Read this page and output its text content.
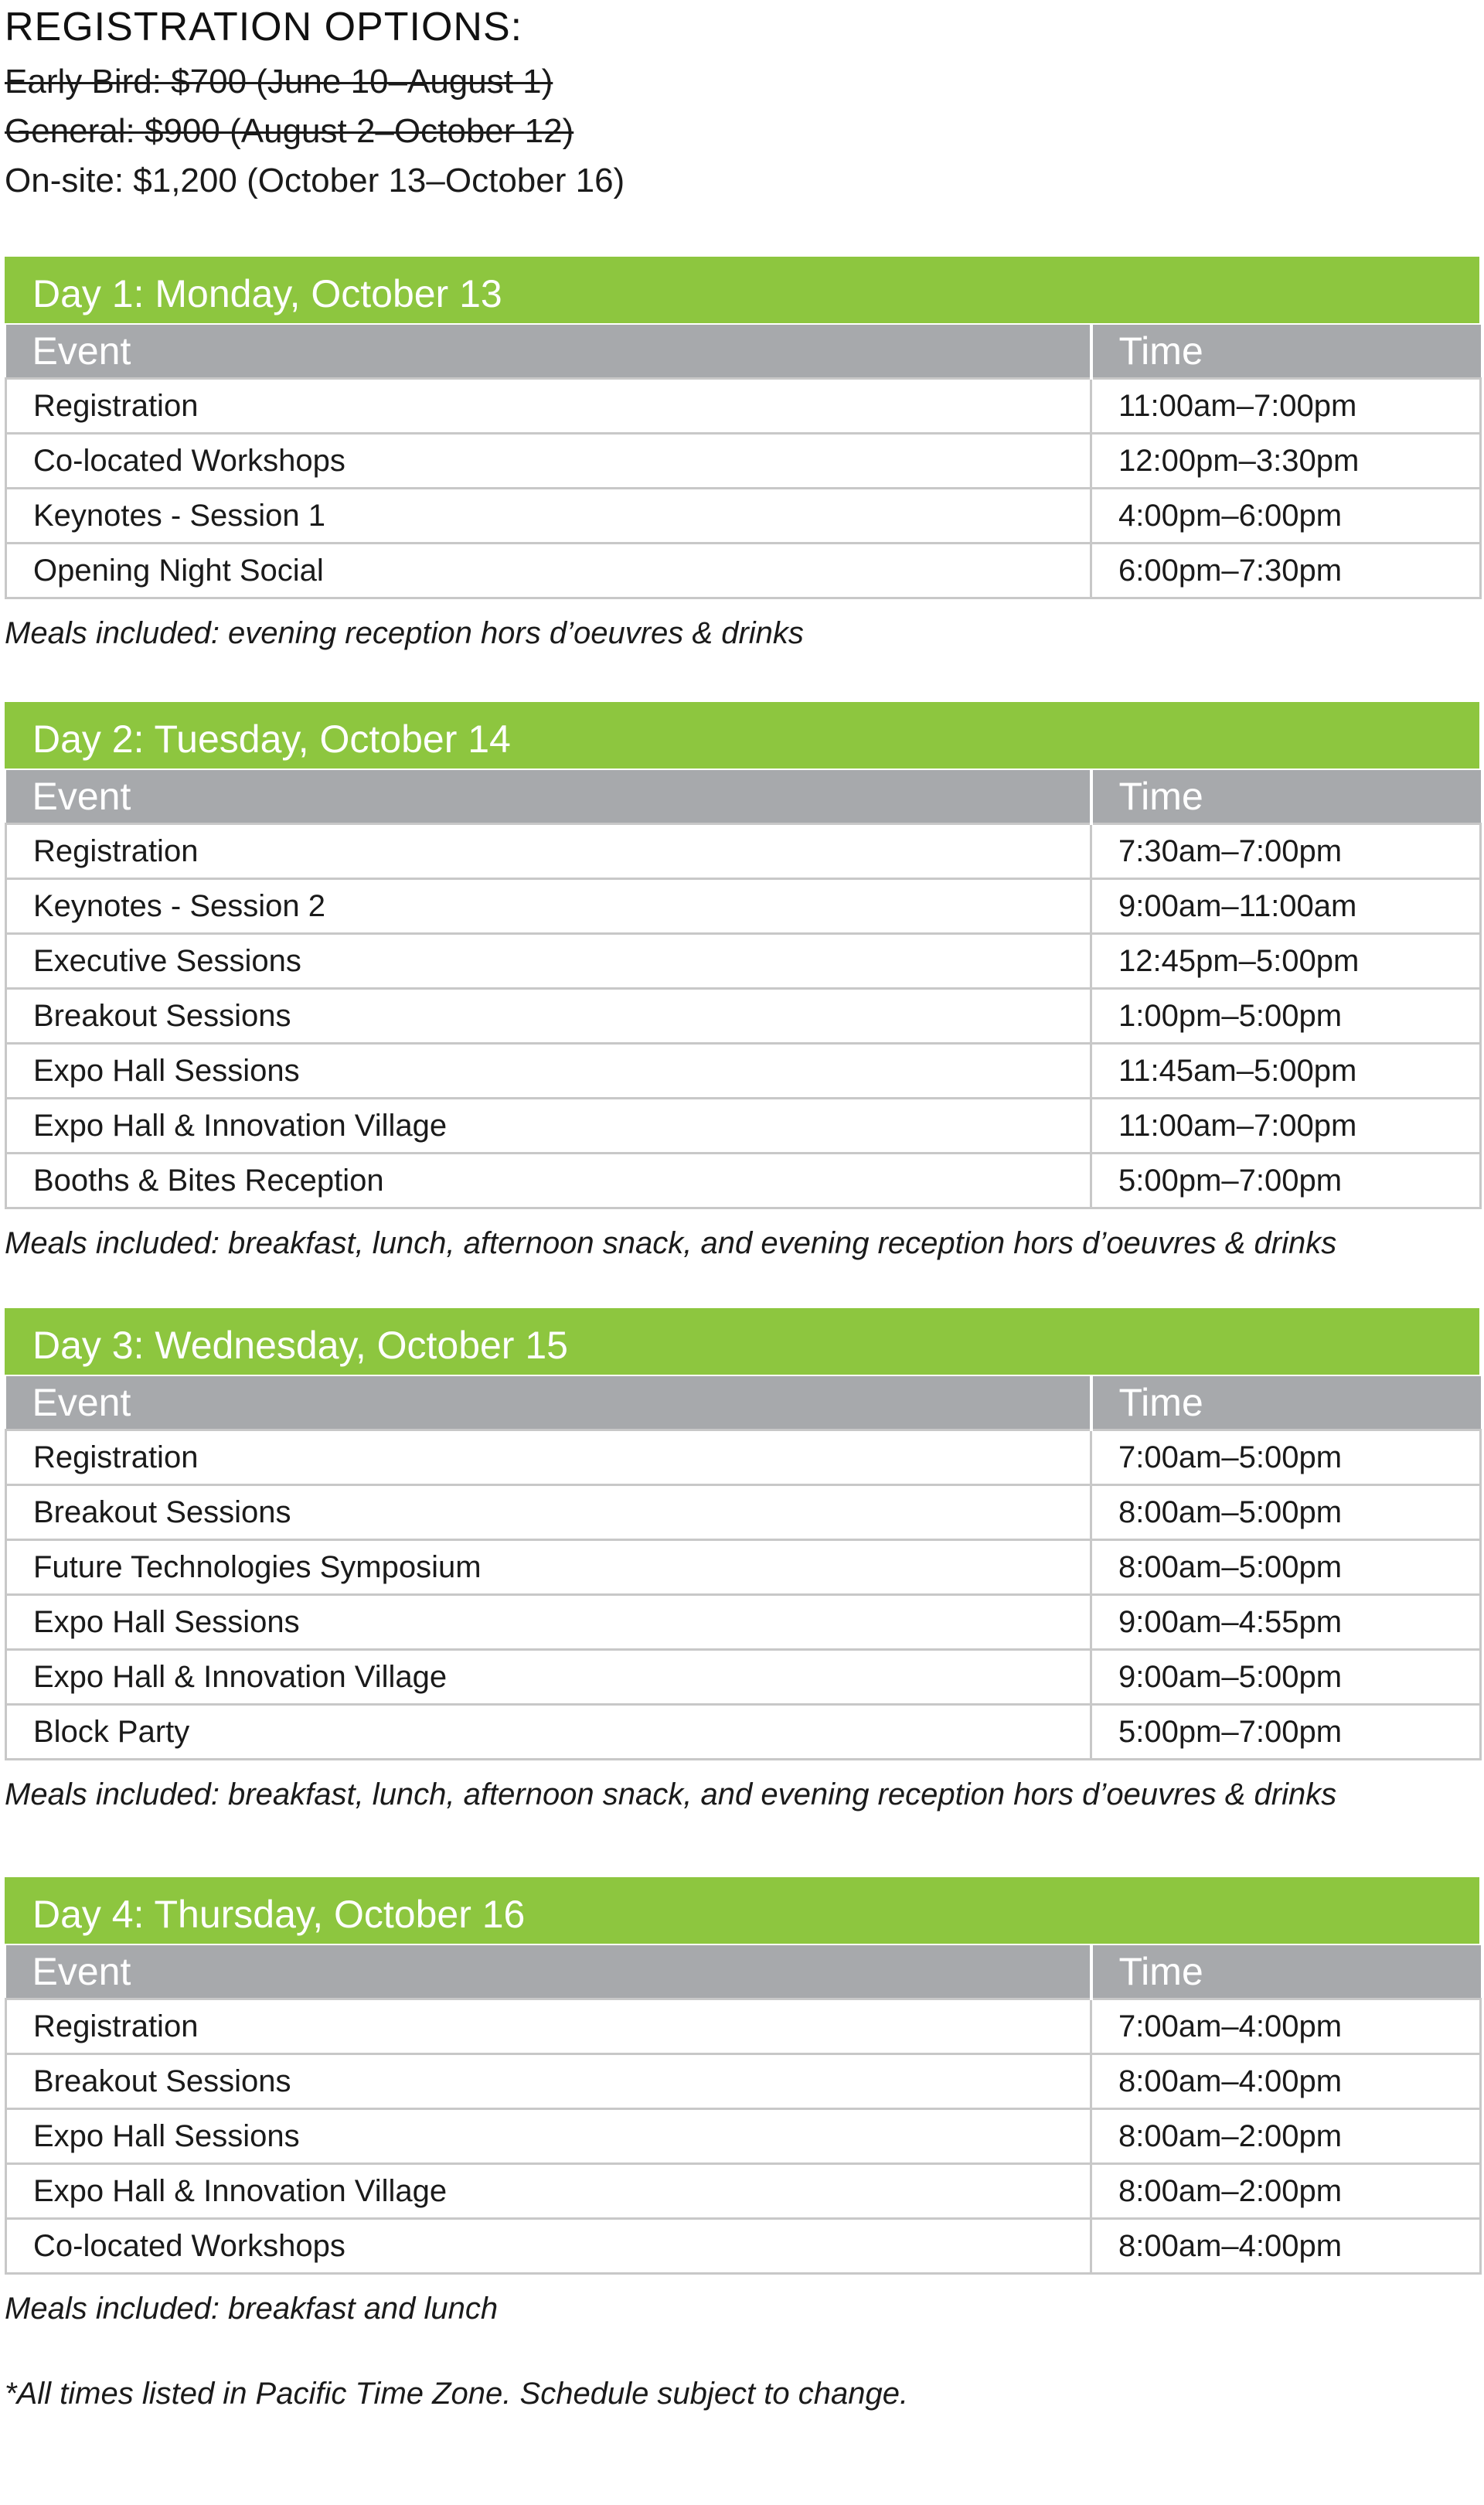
REGISTRATION OPTIONS:
Early Bird: $700 (June 10–August 1)
General: $900 (August 2–October 12)
On-site: $1,200 (October 13–October 16)
Day 1: Monday, October 13
Event	Time
Registration	11:00am–7:00pm
Co-located Workshops	12:00pm–3:30pm
Keynotes - Session 1	4:00pm–6:00pm
Opening Night Social	6:00pm–7:30pm
Meals included: evening reception hors d’oeuvres & drinks
Day 2: Tuesday, October 14
Event	Time
Registration	7:30am–7:00pm
Keynotes - Session 2	9:00am–11:00am
Executive Sessions	12:45pm–5:00pm
Breakout Sessions	1:00pm–5:00pm
Expo Hall Sessions	11:45am–5:00pm
Expo Hall & Innovation Village	11:00am–7:00pm
Booths & Bites Reception	5:00pm–7:00pm
Meals included: breakfast, lunch, afternoon snack, and evening reception hors d’oeuvres & drinks
Day 3: Wednesday, October 15
Event	Time
Registration	7:00am–5:00pm
Breakout Sessions	8:00am–5:00pm
Future Technologies Symposium	8:00am–5:00pm
Expo Hall Sessions	9:00am–4:55pm
Expo Hall & Innovation Village	9:00am–5:00pm
Block Party	5:00pm–7:00pm
Meals included: breakfast, lunch, afternoon snack, and evening reception hors d’oeuvres & drinks
Day 4: Thursday, October 16
Event	Time
Registration	7:00am–4:00pm
Breakout Sessions	8:00am–4:00pm
Expo Hall Sessions	8:00am–2:00pm
Expo Hall & Innovation Village	8:00am–2:00pm
Co-located Workshops	8:00am–4:00pm
Meals included: breakfast and lunch
*All times listed in Pacific Time Zone. Schedule subject to change.
